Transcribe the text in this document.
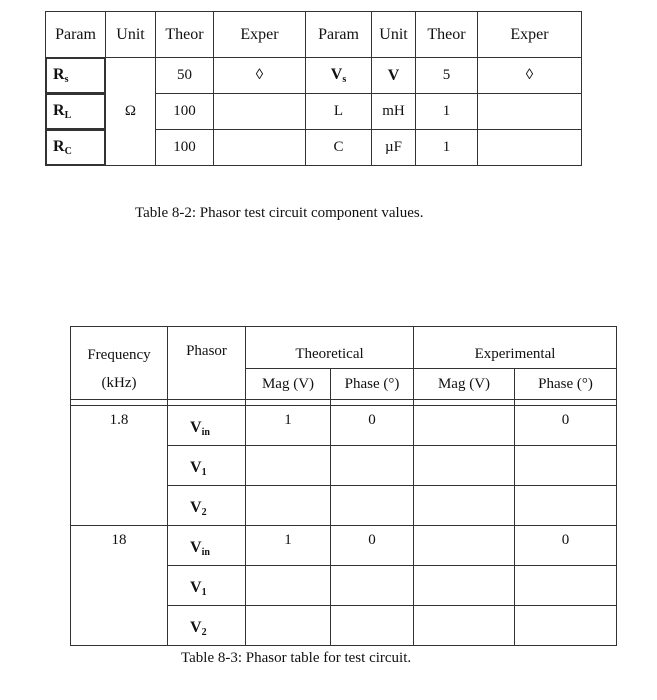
Param	Unit	Theor	Exper	Param	Unit	Theor	Exper
$R_s$	Ω	50	◊	$V_s$	V	5	◊
$R_L$		100		L	mH	1	
$R_C$		100		C	µF	1	
Table 8-2: Phasor test circuit component values.
Frequency	Phasor	Theoretical		Experimental	
(kHz)		Mag (V)	Phase (°)	Mag (V)	Phase (°)

1.8	$V_{in}$	1	0		0
	$V_1$				
	$V_2$				
18	$V_{in}$	1	0		0
	$V_1$				
	$V_2$				
Table 8-3: Phasor table for test circuit.
